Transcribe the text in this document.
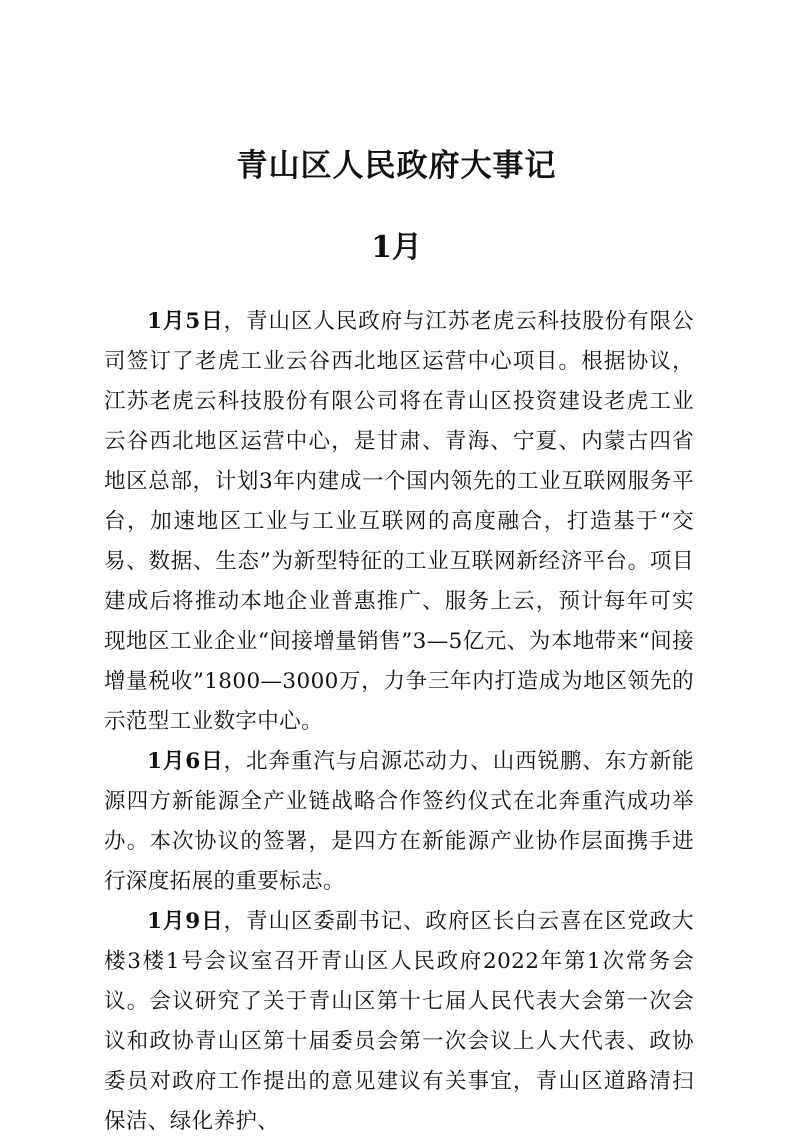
青山区人民政府大事记
1月

1月5日，青山区人民政府与江苏老虎云科技股份有限公司签订了老虎工业云谷西北地区运营中心项目。根据协议，江苏老虎云科技股份有限公司将在青山区投资建设老虎工业云谷西北地区运营中心，是甘肃、青海、宁夏、内蒙古四省地区总部，计划3年内建成一个国内领先的工业互联网服务平台，加速地区工业与工业互联网的高度融合，打造基于“交易、数据、生态”为新型特征的工业互联网新经济平台。项目建成后将推动本地企业普惠推广、服务上云，预计每年可实现地区工业企业“间接增量销售”3—5亿元、为本地带来“间接增量税收”1800—3000万，力争三年内打造成为地区领先的示范型工业数字中心。

1月6日，北奔重汽与启源芯动力、山西锐鹏、东方新能源四方新能源全产业链战略合作签约仪式在北奔重汽成功举办。本次协议的签署，是四方在新能源产业协作层面携手进行深度拓展的重要标志。

1月9日，青山区委副书记、政府区长白云喜在区党政大楼3楼1号会议室召开青山区人民政府2022年第1次常务会议。会议研究了关于青山区第十七届人民代表大会第一次会议和政协青山区第十届委员会第一次会议上人大代表、政协委员对政府工作提出的意见建议有关事宜，青山区道路清扫保洁、绿化养护、
